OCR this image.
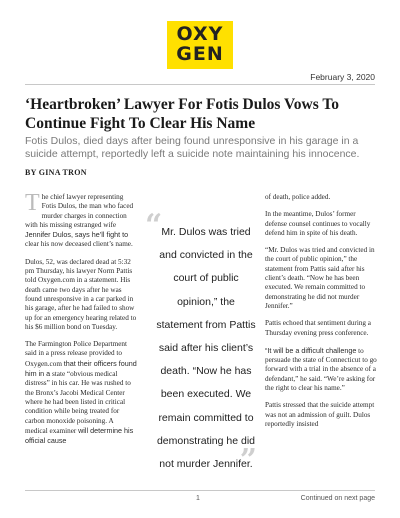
OXY
GEN
February 3, 2020
‘Heartbroken’ Lawyer For Fotis Dulos Vows To Continue Fight To Clear His Name
Fotis Dulos, died days after being found unresponsive in his garage in a suicide attempt, reportedly left a suicide note maintaining his innocence.
BY GINA TRON

The chief lawyer representing Fotis Dulos, the man who faced murder charges in connection with his missing estranged wife Jennifer Dulos, says he’ll fight to clear his now deceased client’s name.

Dulos, 52, was declared dead at 5:32 pm Thursday, his lawyer Norm Pattis told Oxygen.com in a statement. His death came two days after he was found unresponsive in a car parked in his garage, after he had failed to show up for an emergency hearing related to his $6 million bond on Tuesday.

The Farmington Police Department said in a press release provided to Oxygen.com that their officers found him in a state “obvious medical distress” in his car. He was rushed to the Bronx’s Jacobi Medical Center where he had been listed in critical condition while being treated for carbon monoxide poisoning. A medical examiner will determine his official cause

“ Mr. Dulos was tried and convicted in the court of public opinion,” the statement from Pattis said after his client’s death. “Now he has been executed. We remain committed to demonstrating he did not murder Jennifer.
”

of death, police added.

In the meantime, Dulos’ former defense counsel continues to vocally defend him in spite of his death.

“Mr. Dulos was tried and convicted in the court of public opinion,” the statement from Pattis said after his client’s death. “Now he has been executed. We remain committed to demonstrating he did not murder Jennifer.”

Pattis echoed that sentiment during a Thursday evening press conference.

“It will be a difficult challenge to persuade the state of Connecticut to go forward with a trial in the absence of a defendant,” he said. “We’re asking for the right to clear his name.”

Pattis stressed that the suicide attempt was not an admission of guilt. Dulos reportedly insisted

1	Continued on next page
